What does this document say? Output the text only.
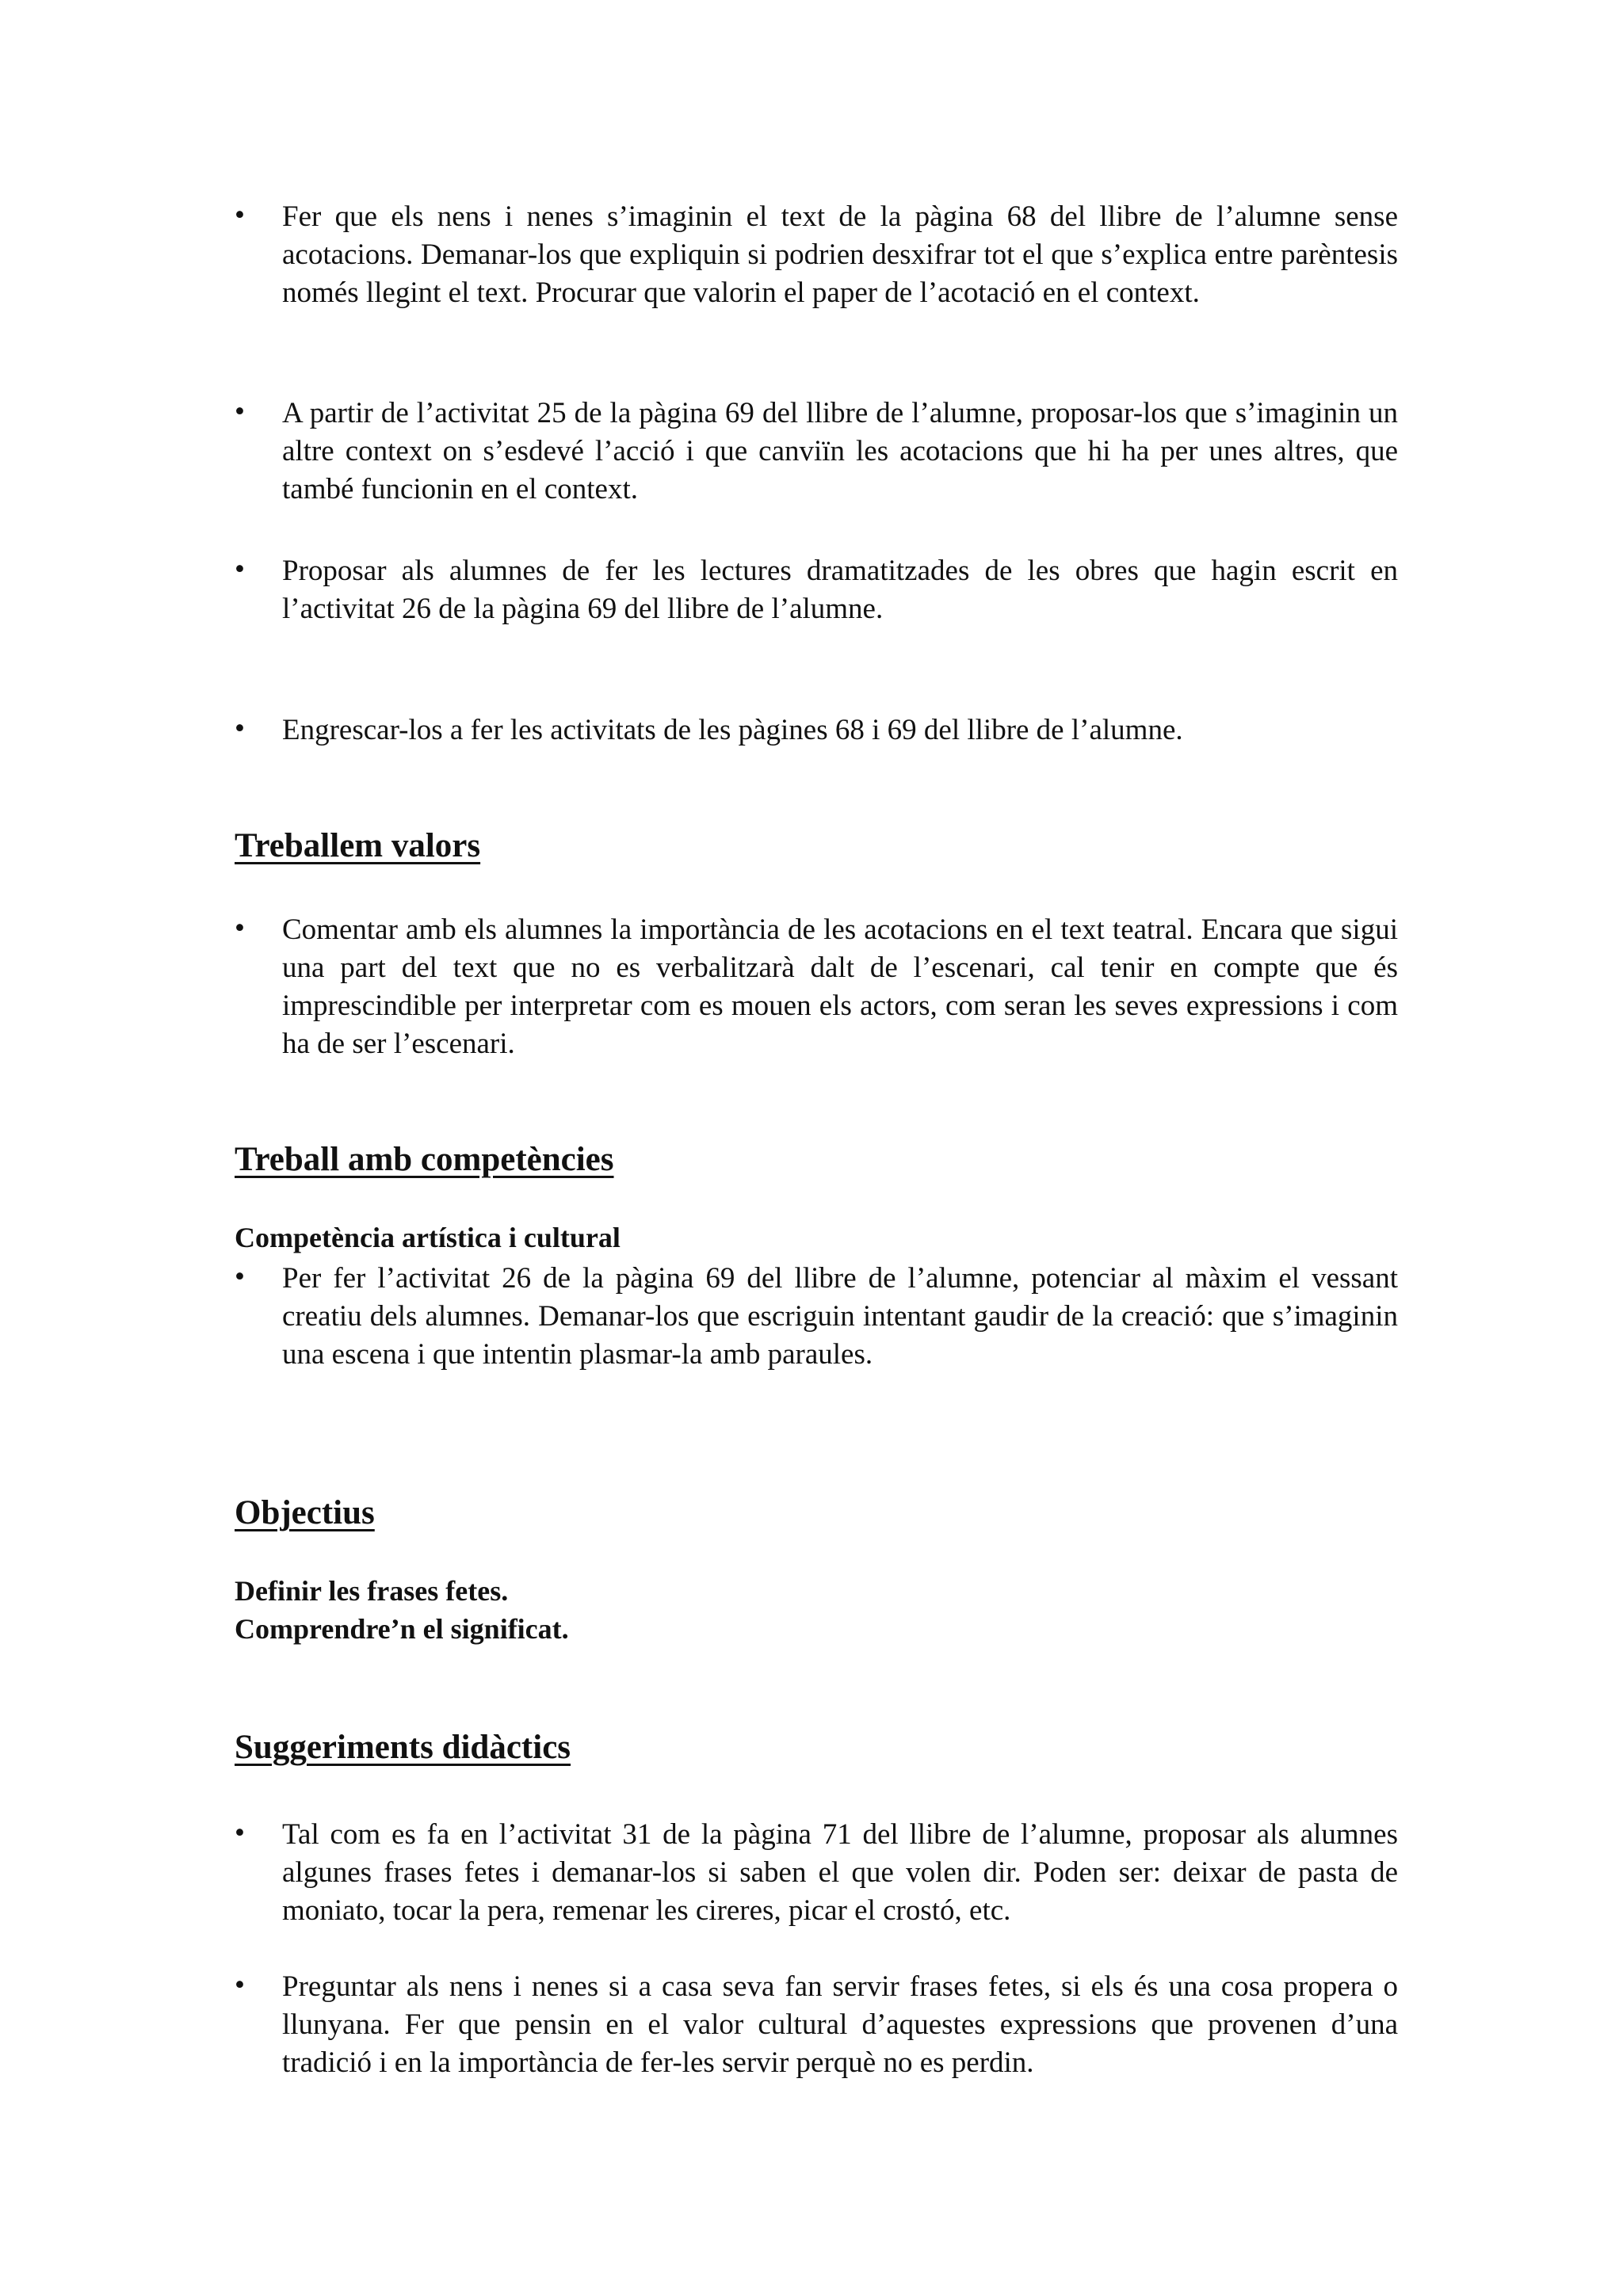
•	Fer que els nens i nenes s’imaginin el text de la pàgina 68 del llibre de l’alumne sense acotacions. Demanar-los que expliquin si podrien desxifrar tot el que s’explica entre parèntesis només llegint el text. Procurar que valorin el paper de l’acotació en el context.
•	A partir de l’activitat 25 de la pàgina 69 del llibre de l’alumne, proposar-los que s’imaginin un altre context on s’esdevé l’acció i que canviïn les acotacions que hi ha per unes altres, que també funcionin en el context.
•	Proposar als alumnes de fer les lectures dramatitzades de les obres que hagin escrit en l’activitat 26 de la pàgina 69 del llibre de l’alumne.
•	Engrescar-los a fer les activitats de les pàgines 68 i 69 del llibre de l’alumne.
Treballem valors
•	Comentar amb els alumnes la importància de les acotacions en el text teatral. Encara que sigui una part del text que no es verbalitzarà dalt de l’escenari, cal tenir en compte que és imprescindible per interpretar com es mouen els actors, com seran les seves expressions i com ha de ser l’escenari.
Treball amb competències
Competència artística i cultural
•	Per fer l’activitat 26 de la pàgina 69 del llibre de l’alumne, potenciar al màxim el vessant creatiu dels alumnes. Demanar-los que escriguin intentant gaudir de la creació: que s’imaginin una escena i que intentin plasmar-la amb paraules.
Objectius
Definir les frases fetes.
Comprendre’n el significat.
Suggeriments didàctics
•	Tal com es fa en l’activitat 31 de la pàgina 71 del llibre de l’alumne, proposar als alumnes algunes frases fetes i demanar-los si saben el que volen dir. Poden ser: deixar de pasta de moniato, tocar la pera, remenar les cireres, picar el crostó, etc.
•	Preguntar als nens i nenes si a casa seva fan servir frases fetes, si els és una cosa propera o llunyana. Fer que pensin en el valor cultural d’aquestes expressions que provenen d’una tradició i en la importància de fer-les servir perquè no es perdin.
